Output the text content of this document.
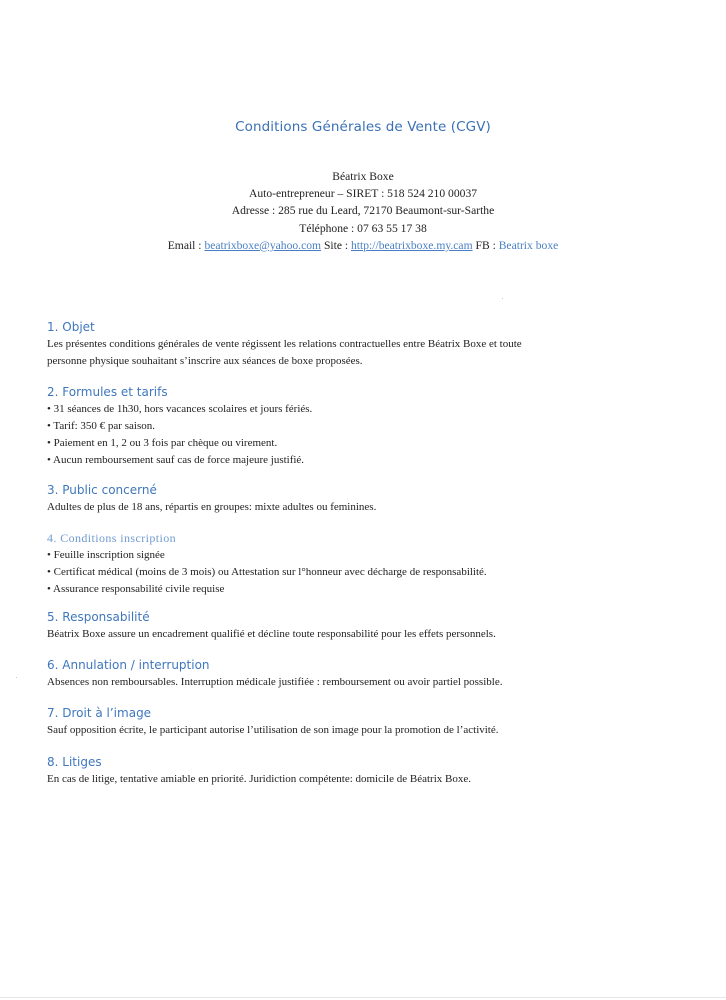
Conditions Générales de Vente (CGV)
Béatrix Boxe
Auto-entrepreneur – SIRET : 518 524 210 00037
Adresse : 285 rue du Leard, 72170 Beaumont-sur-Sarthe
Téléphone : 07 63 55 17 38
Email : beatrixboxe@yahoo.com Site : http://beatrixboxe.my.cam FB : Beatrix boxe
1. Objet
Les présentes conditions générales de vente régissent les relations contractuelles entre Béatrix Boxe et toute
personne physique souhaitant s’inscrire aux séances de boxe proposées.
2. Formules et tarifs
• 31 séances de 1h30, hors vacances scolaires et jours fériés.
• Tarif: 350 € par saison.
• Paiement en 1, 2 ou 3 fois par chèque ou virement.
• Aucun remboursement sauf cas de force majeure justifié.
3. Public concerné
Adultes de plus de 18 ans, répartis en groupes: mixte adultes ou feminines.
4. Conditions inscription
• Feuille inscription signée
• Certificat médical (moins de 3 mois) ou Attestation sur l°honneur avec décharge de responsabilité.
• Assurance responsabilité civile requise
5. Responsabilité
Béatrix Boxe assure un encadrement qualifié et décline toute responsabilité pour les effets personnels.
6. Annulation / interruption
Absences non remboursables. Interruption médicale justifiée : remboursement ou avoir partiel possible.
7. Droit à l’image
Sauf opposition écrite, le participant autorise l’utilisation de son image pour la promotion de l’activité.
8. Litiges
En cas de litige, tentative amiable en priorité. Juridiction compétente: domicile de Béatrix Boxe.
